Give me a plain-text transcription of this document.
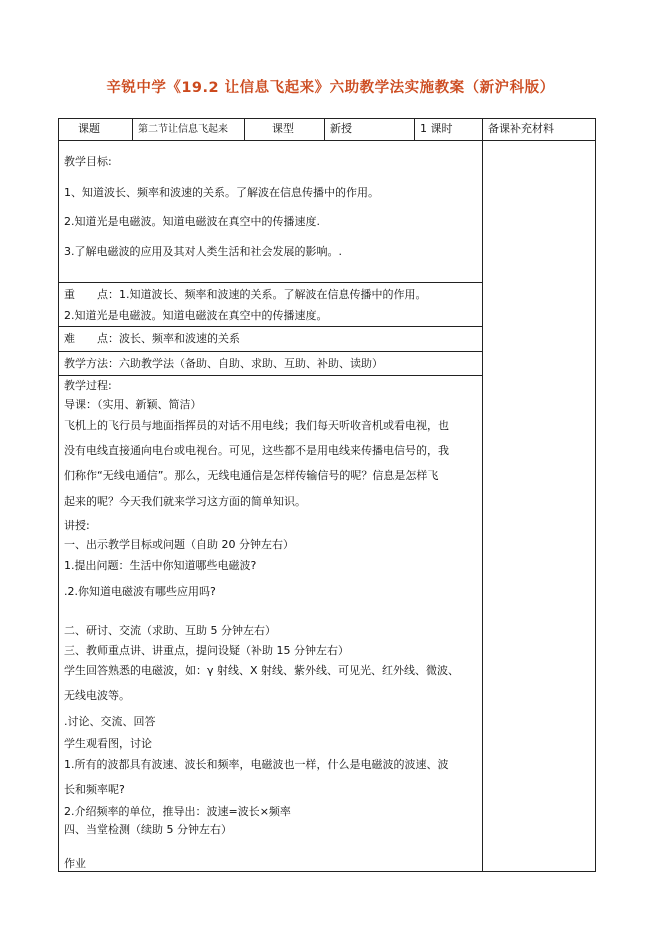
辛锐中学《19.2 让信息飞起来》六助教学法实施教案（新沪科版）
课题	第二节让信息飞起来	课型	新授	1 课时	备课补充材料
教学目标:
1、知道波长、频率和波速的关系。了解波在信息传播中的作用。
2.知道光是电磁波。知道电磁波在真空中的传播速度.
3.了解电磁波的应用及其对人类生活和社会发展的影响。.
重　　点：1.知道波长、频率和波速的关系。了解波在信息传播中的作用。
2.知道光是电磁波。知道电磁波在真空中的传播速度。
难　　点：波长、频率和波速的关系
教学方法：六助教学法（备助、自助、求助、互助、补助、读助）
教学过程:
导课：（实用、新颖、简洁）
飞机上的飞行员与地面指挥员的对话不用电线；我们每天听收音机或看电视，也
没有电线直接通向电台或电视台。可见，这些都不是用电线来传播电信号的，我
们称作“无线电通信”。那么，无线电通信是怎样传输信号的呢？信息是怎样飞
起来的呢？今天我们就来学习这方面的简单知识。
讲授:
一、出示教学目标或问题（自助 20 分钟左右）
1.提出问题：生活中你知道哪些电磁波?
.2.你知道电磁波有哪些应用吗?
二、研讨、交流（求助、互助 5 分钟左右）
三、教师重点讲、讲重点，提问设疑（补助 15 分钟左右）
学生回答熟悉的电磁波，如：γ 射线、X 射线、紫外线、可见光、红外线、微波、
无线电波等。
.讨论、交流、回答
学生观看图，讨论
1.所有的波都具有波速、波长和频率，电磁波也一样，什么是电磁波的波速、波
长和频率呢?
2.介绍频率的单位，推导出：波速=波长×频率
四、当堂检测（续助 5 分钟左右）
作业
